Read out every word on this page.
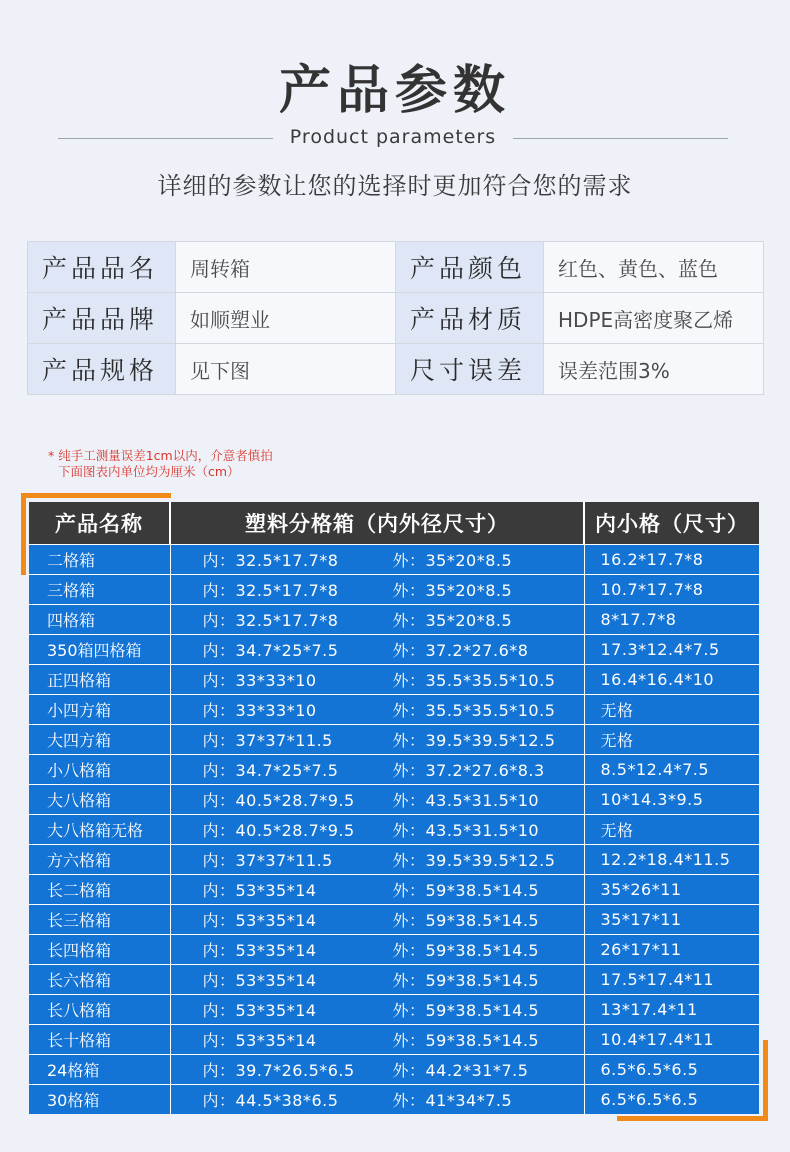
产品参数
Product parameters
详细的参数让您的选择时更加符合您的需求
产品品名	周转箱	产品颜色	红色、黄色、蓝色
产品品牌	如顺塑业	产品材质	HDPE高密度聚乙烯
产品规格	见下图	尺寸误差	误差范围3%
* 纯手工测量误差1cm以内，介意者慎拍
下面图表内单位均为厘米（cm）
产品名称	塑料分格箱（内外径尺寸）	内小格（尺寸）
二格箱	内：32.5*17.7*8 外：35*20*8.5	16.2*17.7*8
三格箱	内：32.5*17.7*8 外：35*20*8.5	10.7*17.7*8
四格箱	内：32.5*17.7*8 外：35*20*8.5	8*17.7*8
350箱四格箱	内：34.7*25*7.5 外：37.2*27.6*8	17.3*12.4*7.5
正四格箱	内：33*33*10 外：35.5*35.5*10.5	16.4*16.4*10
小四方箱	内：33*33*10 外：35.5*35.5*10.5	无格
大四方箱	内：37*37*11.5 外：39.5*39.5*12.5	无格
小八格箱	内：34.7*25*7.5 外：37.2*27.6*8.3	8.5*12.4*7.5
大八格箱	内：40.5*28.7*9.5 外：43.5*31.5*10	10*14.3*9.5
大八格箱无格	内：40.5*28.7*9.5 外：43.5*31.5*10	无格
方六格箱	内：37*37*11.5 外：39.5*39.5*12.5	12.2*18.4*11.5
长二格箱	内：53*35*14 外：59*38.5*14.5	35*26*11
长三格箱	内：53*35*14 外：59*38.5*14.5	35*17*11
长四格箱	内：53*35*14 外：59*38.5*14.5	26*17*11
长六格箱	内：53*35*14 外：59*38.5*14.5	17.5*17.4*11
长八格箱	内：53*35*14 外：59*38.5*14.5	13*17.4*11
长十格箱	内：53*35*14 外：59*38.5*14.5	10.4*17.4*11
24格箱	内：39.7*26.5*6.5 外：44.2*31*7.5	6.5*6.5*6.5
30格箱	内：44.5*38*6.5 外：41*34*7.5	6.5*6.5*6.5
